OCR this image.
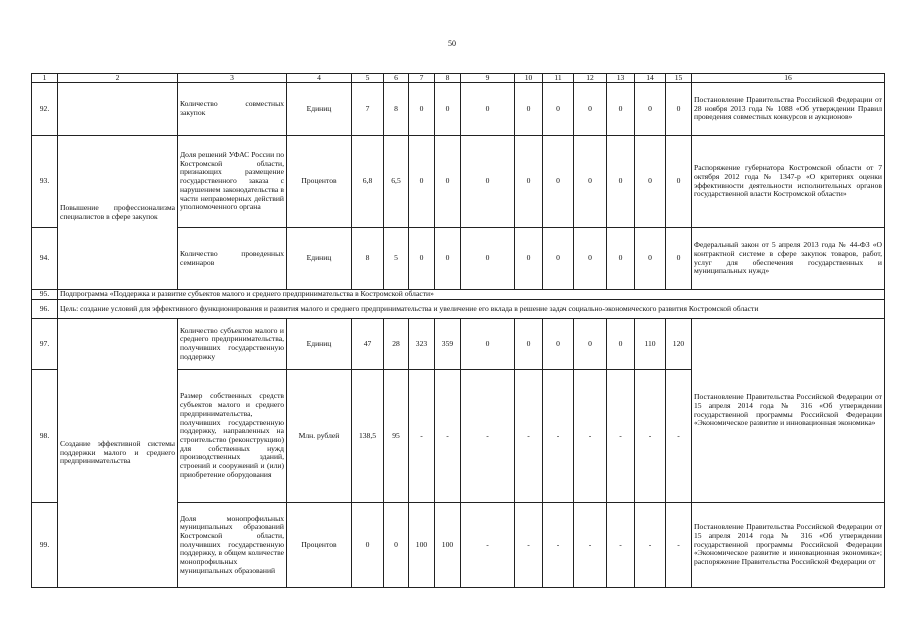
50
1	2	3	4	5	6	7	8	9	10	11	12	13	14	15	16
92.		Количество совместных закупок	Единиц	7	8	0	0	0	0	0	0	0	0	0	Постановление Правительства Российской Федерации от 28 ноября 2013 года № 1088 «Об утверждении Правил проведения совместных конкурсов и аукционов»
93.	Повышение профессионализма специалистов в сфере закупок	Доля решений УФАС России по Костромской области, признающих размещение государственного заказа с нарушением законодательства в части неправомерных действий уполномоченного органа	Процентов	6,8	6,5	0	0	0	0	0	0	0	0	0	Распоряжение губернатора Костромской области от 7 октября 2012 года № 1347-р «О критериях оценки эффективности деятельности исполнительных органов государственной власти Костромской области»
94.		Количество проведенных семинаров	Единиц	8	5	0	0	0	0	0	0	0	0	0	Федеральный закон от 5 апреля 2013 года № 44-ФЗ «О контрактной системе в сфере закупок товаров, работ, услуг для обеспечения государственных и муниципальных нужд»
95.	Подпрограмма «Поддержка и развитие субъектов малого и среднего предпринимательства в Костромской области»														
96.	Цель: создание условий для эффективного функционирования и развития малого и среднего предпринимательства и увеличение его вклада в решение задач социально-экономического развития Костромской области														
97.	Создание эффективной системы поддержки малого и среднего предпринимательства	Количество субъектов малого и среднего предпринимательства, получивших государственную поддержку	Единиц	47	28	323	359	0	0	0	0	0	110	120	Постановление Правительства Российской Федерации от 15 апреля 2014 года № 316 «Об утверждении государственной программы Российской Федерации «Экономическое развитие и инновационная экономика»
98.		Размер собственных средств субъектов малого и среднего предпринимательства, получивших государственную поддержку, направленных на строительство (реконструкцию) для собственных нужд производственных зданий, строений и сооружений и (или) приобретение оборудования	Млн. рублей	138,5	95	-	-	-	-	-	-	-	-	-	
99.		Доля монопрофильных муниципальных образований Костромской области, получивших государственную поддержку, в общем количестве монопрофильных муниципальных образований	Процентов	0	0	100	100	-	-	-	-	-	-	-	Постановление Правительства Российской Федерации от 15 апреля 2014 года № 316 «Об утверждении государственной программы Российской Федерации «Экономическое развитие и инновационная экономика»; распоряжение Правительства Российской Федерации от
